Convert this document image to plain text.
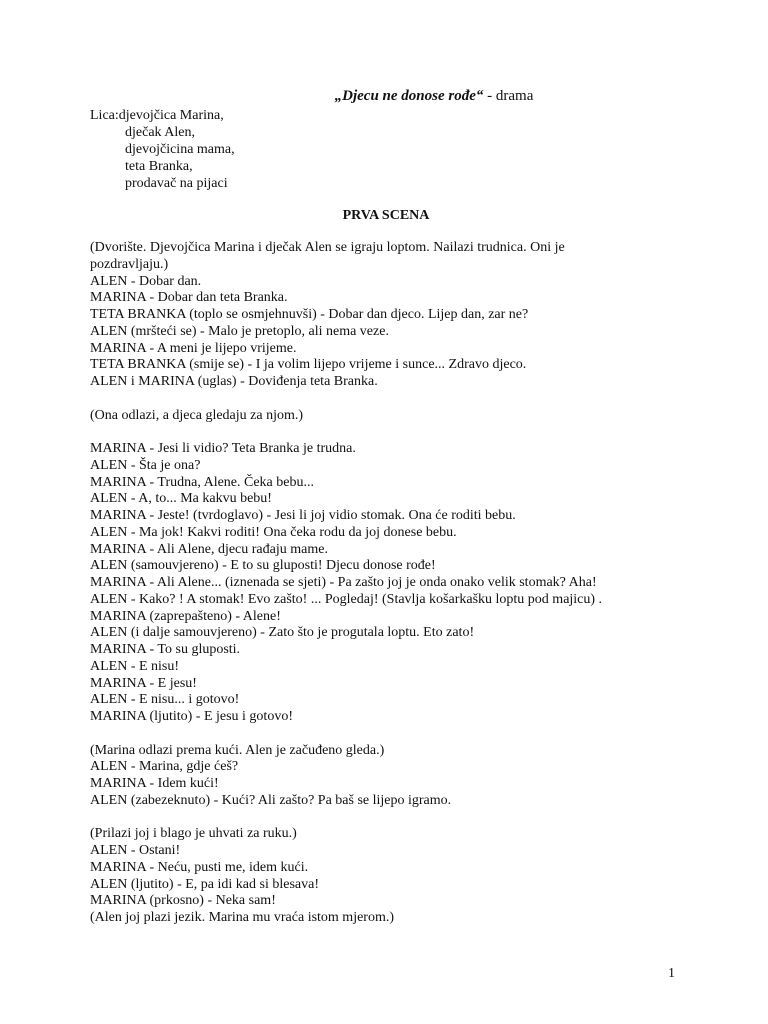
„Djecu ne donose rođe“ - drama
Lica:djevojčica Marina,
dječak Alen,
djevojčicina mama,
teta Branka,
prodavač na pijaci
PRVA SCENA
(Dvorište. Djevojčica Marina i dječak Alen se igraju loptom. Nailazi trudnica. Oni je
pozdravljaju.)
ALEN - Dobar dan.
MARINA - Dobar dan teta Branka.
TETA BRANKA (toplo se osmjehnuvši) - Dobar dan djeco. Lijep dan, zar ne?
ALEN (mršteći se) - Malo je pretoplo, ali nema veze.
MARINA - A meni je lijepo vrijeme.
TETA BRANKA (smije se) - I ja volim lijepo vrijeme i sunce... Zdravo djeco.
ALEN i MARINA (uglas) - Doviđenja teta Branka.
(Ona odlazi, a djeca gledaju za njom.)
MARINA - Jesi li vidio? Teta Branka je trudna.
ALEN - Šta je ona?
MARINA - Trudna, Alene. Čeka bebu...
ALEN - A, to... Ma kakvu bebu!
MARINA - Jeste! (tvrdoglavo) - Jesi li joj vidio stomak. Ona će roditi bebu.
ALEN - Ma jok! Kakvi roditi! Ona čeka rodu da joj donese bebu.
MARINA - Ali Alene, djecu rađaju mame.
ALEN (samouvjereno) - E to su gluposti! Djecu donose rođe!
MARINA - Ali Alene... (iznenada se sjeti) - Pa zašto joj je onda onako velik stomak? Aha!
ALEN - Kako? ! A stomak! Evo zašto! ... Pogledaj! (Stavlja košarkašku loptu pod majicu) .
MARINA (zaprepašteno) - Alene!
ALEN (i dalje samouvjereno) - Zato što je progutala loptu. Eto zato!
MARINA - To su gluposti.
ALEN - E nisu!
MARINA - E jesu!
ALEN - E nisu... i gotovo!
MARINA (ljutito) - E jesu i gotovo!
(Marina odlazi prema kući. Alen je začuđeno gleda.)
ALEN - Marina, gdje ćeš?
MARINA - Idem kući!
ALEN (zabezeknuto) - Kući? Ali zašto? Pa baš se lijepo igramo.
(Prilazi joj i blago je uhvati za ruku.)
ALEN - Ostani!
MARINA - Neću, pusti me, idem kući.
ALEN (ljutito) - E, pa idi kad si blesava!
MARINA (prkosno) - Neka sam!
(Alen joj plazi jezik. Marina mu vraća istom mjerom.)
1
